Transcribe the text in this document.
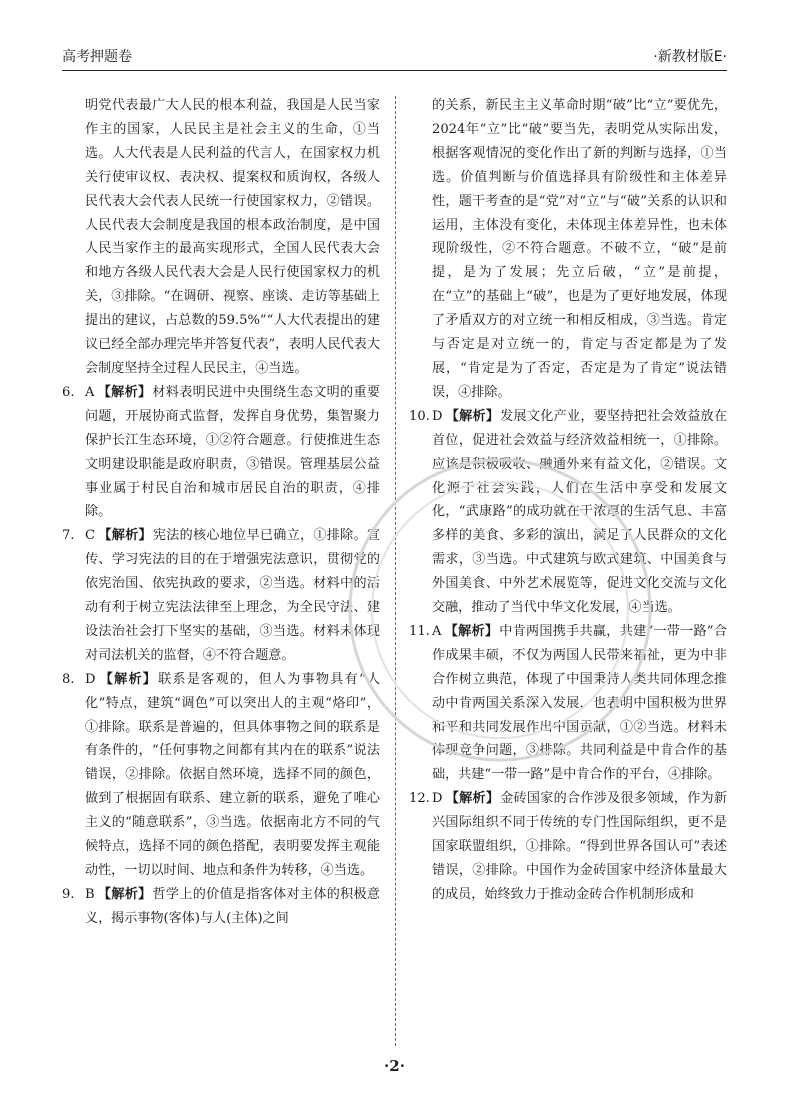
高考押题卷	·新教材版E·

明党代表最广大人民的根本利益，我国是人民当家作主的国家，人民民主是社会主义的生命，①当选。人大代表是人民利益的代言人，在国家权力机关行使审议权、表决权、提案权和质询权，各级人民代表大会代表人民统一行使国家权力，②错误。人民代表大会制度是我国的根本政治制度，是中国人民当家作主的最高实现形式，全国人民代表大会和地方各级人民代表大会是人民行使国家权力的机关，③排除。“在调研、视察、座谈、走访等基础上提出的建议，占总数的59.5%”“人大代表提出的建议已经全部办理完毕并答复代表”，表明人民代表大会制度坚持全过程人民民主，④当选。

6. A 【解析】材料表明民进中央围绕生态文明的重要问题，开展协商式监督，发挥自身优势，集智聚力保护长江生态环境，①②符合题意。行使推进生态文明建设职能是政府职责，③错误。管理基层公益事业属于村民自治和城市居民自治的职责，④排除。
7. C 【解析】宪法的核心地位早已确立，①排除。宣传、学习宪法的目的在于增强宪法意识，贯彻党的依宪治国、依宪执政的要求，②当选。材料中的活动有利于树立宪法法律至上理念，为全民守法、建设法治社会打下坚实的基础，③当选。材料未体现对司法机关的监督，④不符合题意。
8. D 【解析】联系是客观的，但人为事物具有“人化”特点，建筑“调色”可以突出人的主观“烙印”，①排除。联系是普遍的，但具体事物之间的联系是有条件的，“任何事物之间都有其内在的联系”说法错误，②排除。依据自然环境，选择不同的颜色，做到了根据固有联系、建立新的联系，避免了唯心主义的“随意联系”，③当选。依据南北方不同的气候特点，选择不同的颜色搭配，表明要发挥主观能动性，一切以时间、地点和条件为转移，④当选。
9. B 【解析】哲学上的价值是指客体对主体的积极意义，揭示事物(客体)与人(主体)之间

的关系，新民主主义革命时期“破”比“立”要优先，2024年“立”比“破”要当先，表明党从实际出发，根据客观情况的变化作出了新的判断与选择，①当选。价值判断与价值选择具有阶级性和主体差异性，题干考查的是“党”对“立”与“破”关系的认识和运用，主体没有变化，未体现主体差异性，也未体现阶级性，②不符合题意。不破不立，“破”是前提，是为了发展；先立后破，“立”是前提，在“立”的基础上“破”，也是为了更好地发展，体现了矛盾双方的对立统一和相反相成，③当选。肯定与否定是对立统一的，肯定与否定都是为了发展，“肯定是为了否定，否定是为了肯定”说法错误，④排除。

10. D 【解析】发展文化产业，要坚持把社会效益放在首位，促进社会效益与经济效益相统一，①排除。应该是积极吸收、融通外来有益文化，②错误。文化源于社会实践，人们在生活中享受和发展文化，“武康路”的成功就在于浓厚的生活气息、丰富多样的美食、多彩的演出，满足了人民群众的文化需求，③当选。中式建筑与欧式建筑、中国美食与外国美食、中外艺术展览等，促进文化交流与文化交融，推动了当代中华文化发展，④当选。
11. A 【解析】中肯两国携手共赢，共建“一带一路”合作成果丰硕，不仅为两国人民带来福祉，更为中非合作树立典范，体现了中国秉持人类共同体理念推动中肯两国关系深入发展，也表明中国积极为世界和平和共同发展作出中国贡献，①②当选。材料未体现竞争问题，③排除。共同利益是中肯合作的基础，共建“一带一路”是中肯合作的平台，④排除。
12. D 【解析】金砖国家的合作涉及很多领域，作为新兴国际组织不同于传统的专门性国际组织，更不是国家联盟组织，①排除。“得到世界各国认可”表述错误，②排除。中国作为金砖国家中经济体量最大的成员，始终致力于推动金砖合作机制形成和
·2·
